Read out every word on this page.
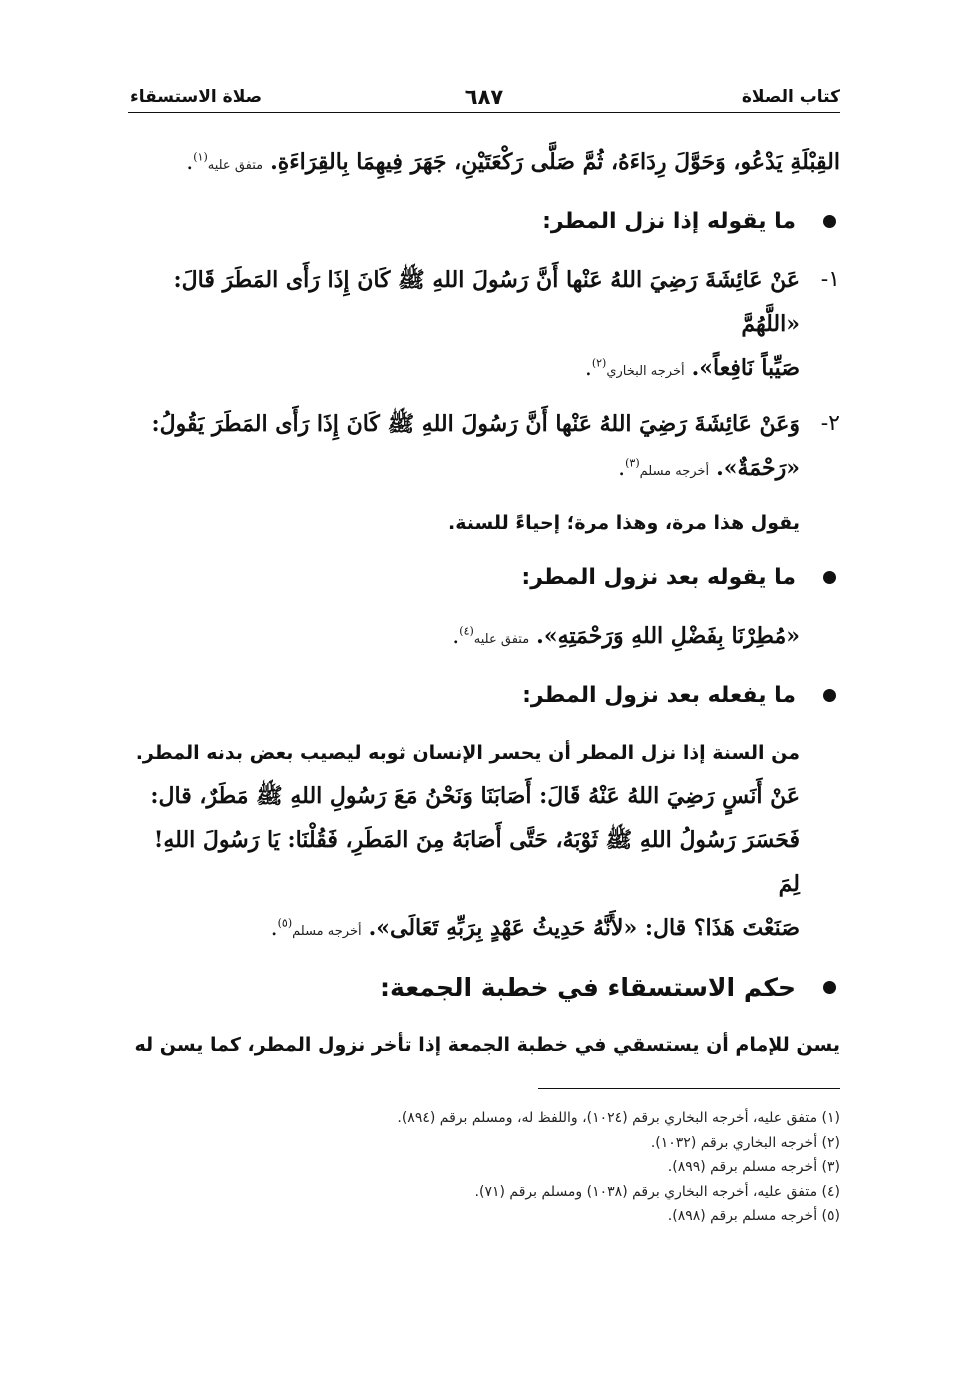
كتاب الصلاة
٦٨٧
صلاة الاستسقاء

القِبْلَةِ يَدْعُو، وَحَوَّلَ رِدَاءَهُ، ثُمَّ صَلَّى رَكْعَتَيْنِ، جَهَرَ فِيهِمَا بِالقِرَاءَةِ. متفق عليه$^{(١)}$.

ما يقوله إذا نزل المطر:
١-

عَنْ عَائِشَةَ رَضِيَ اللهُ عَنْها أَنَّ رَسُولَ اللهِ ﷺ كَانَ إِذَا رَأَى المَطَرَ قَالَ: «اللَّهُمَّ

صَيِّباً نَافِعاً». أخرجه البخاري$^{(٢)}$.

٢-

وَعَنْ عَائِشَةَ رَضِيَ اللهُ عَنْها أَنَّ رَسُولَ اللهِ ﷺ كَانَ إِذَا رَأَى المَطَرَ يَقُولُ:

«رَحْمَةٌ». أخرجه مسلم$^{(٣)}$.

يقول هذا مرة، وهذا مرة؛ إحياءً للسنة.

ما يقوله بعد نزول المطر:

«مُطِرْنَا بِفَضْلِ اللهِ وَرَحْمَتِهِ». متفق عليه$^{(٤)}$.

ما يفعله بعد نزول المطر:

من السنة إذا نزل المطر أن يحسر الإنسان ثوبه ليصيب بعض بدنه المطر.

عَنْ أَنَسٍ رَضِيَ اللهُ عَنْهُ قَالَ: أَصَابَنَا وَنَحْنُ مَعَ رَسُولِ اللهِ ﷺ مَطَرٌ، قال:

فَحَسَرَ رَسُولُ اللهِ ﷺ ثَوْبَهُ، حَتَّى أَصَابَهُ مِنَ المَطَرِ، فَقُلْنَا: يَا رَسُولَ اللهِ! لِمَ

صَنَعْتَ هَذَا؟ قال: «لأَنَّهُ حَدِيثُ عَهْدٍ بِرَبِّهِ تَعَالَى». أخرجه مسلم$^{(٥)}$.

حكم الاستسقاء في خطبة الجمعة:

يسن للإمام أن يستسقي في خطبة الجمعة إذا تأخر نزول المطر، كما يسن له

(١) متفق عليه، أخرجه البخاري برقم (١٠٢٤)، واللفظ له، ومسلم برقم (٨٩٤).
(٢) أخرجه البخاري برقم (١٠٣٢).
(٣) أخرجه مسلم برقم (٨٩٩).
(٤) متفق عليه، أخرجه البخاري برقم (١٠٣٨) ومسلم برقم (٧١).
(٥) أخرجه مسلم برقم (٨٩٨).
